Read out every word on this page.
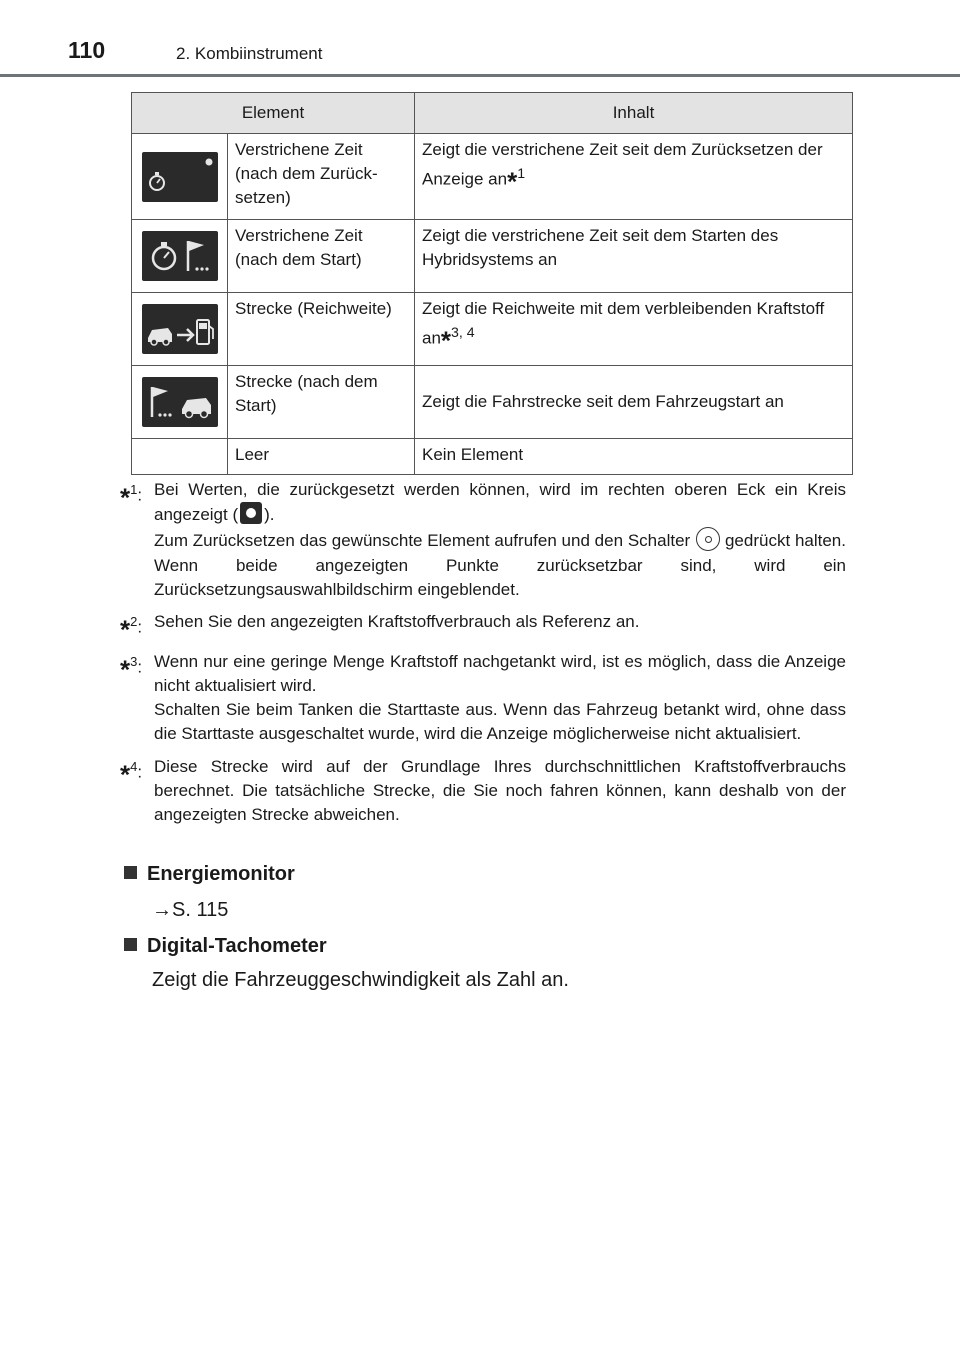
110	2. Kombiinstrument
Element		Inhalt

Verstrichene Zeit
(nach dem Zurück-
setzen)	Zeigt die verstrichene Zeit seit dem Zurücksetzen der Anzeige an*$^1$

Verstrichene Zeit
(nach dem Start)	Zeigt die verstrichene Zeit seit dem Starten des Hybridsystems an

Strecke (Reichweite)	Zeigt die Reichweite mit dem verbleibenden Kraftstoff an*$^{3, 4}$

Strecke (nach dem
Start)	Zeigt die Fahrstrecke seit dem Fahrzeugstart an

	Leer	Kein Element
*$^1$: Bei Werten, die zurückgesetzt werden können, wird im rechten oberen Eck ein Kreis angezeigt ( ).

Zum Zurücksetzen das gewünschte Element aufrufen und den Schalter gedrückt halten. Wenn beide angezeigten Punkte zurücksetzbar sind, wird ein Zurücksetzungsauswahlbildschirm eingeblendet.

*$^2$: Sehen Sie den angezeigten Kraftstoffverbrauch als Referenz an.

*$^3$: Wenn nur eine geringe Menge Kraftstoff nachgetankt wird, ist es möglich, dass die Anzeige nicht aktualisiert wird.

Schalten Sie beim Tanken die Starttaste aus. Wenn das Fahrzeug betankt wird, ohne dass die Starttaste ausgeschaltet wurde, wird die Anzeige möglicherweise nicht aktualisiert.

*$^4$: Diese Strecke wird auf der Grundlage Ihres durchschnittlichen Kraftstoffverbrauchs berechnet. Die tatsächliche Strecke, die Sie noch fahren können, kann deshalb von der angezeigten Strecke abweichen.

Energiemonitor
→S. 115
Digital-Tachometer
Zeigt die Fahrzeuggeschwindigkeit als Zahl an.
